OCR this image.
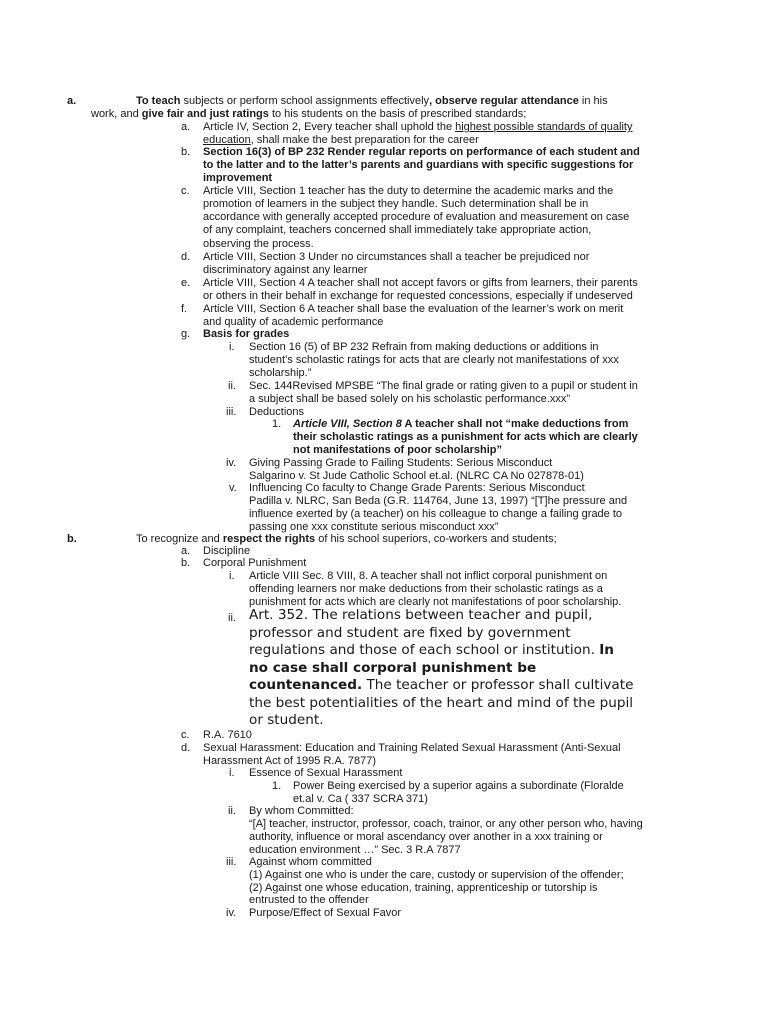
a.	To teach subjects or perform school assignments effectively, observe regular attendance in his
work, and give fair and just ratings to his students on the basis of prescribed standards;
a. Article IV, Section 2, Every teacher shall uphold the highest possible standards of quality
education, shall make the best preparation for the career
b. Section 16(3) of BP 232 Render regular reports on performance of each student and
to the latter and to the latter’s parents and guardians with specific suggestions for
improvement
c. Article VIII, Section 1 teacher has the duty to determine the academic marks and the
promotion of learners in the subject they handle. Such determination shall be in
accordance with generally accepted procedure of evaluation and measurement on case
of any complaint, teachers concerned shall immediately take appropriate action,
observing the process.
d. Article VIII, Section 3 Under no circumstances shall a teacher be prejudiced nor
discriminatory against any learner
e. Article VIII, Section 4 A teacher shall not accept favors or gifts from learners, their parents
or others in their behalf in exchange for requested concessions, especially if undeserved
f. Article VIII, Section 6 A teacher shall base the evaluation of the learner’s work on merit
and quality of academic performance
g. Basis for grades
i. Section 16 (5) of BP 232 Refrain from making deductions or additions in
student’s scholastic ratings for acts that are clearly not manifestations of xxx
scholarship.”
ii. Sec. 144Revised MPSBE “The final grade or rating given to a pupil or student in
a subject shall be based solely on his scholastic performance.xxx”
iii. Deductions
1. Article VIII, Section 8 A teacher shall not “make deductions from
their scholastic ratings as a punishment for acts which are clearly
not manifestations of poor scholarship”
iv. Giving Passing Grade to Failing Students: Serious Misconduct
Salgarino v. St Jude Catholic School et.al. (NLRC CA No 027878-01)
v. Influencing Co faculty to Change Grade Parents: Serious Misconduct
Padilla v. NLRC, San Beda (G.R. 114764, June 13, 1997) “[T]he pressure and
influence exerted by (a teacher) on his colleague to change a failing grade to
passing one xxx constitute serious misconduct xxx”
b.	To recognize and respect the rights of his school superiors, co-workers and students;
a. Discipline
b. Corporal Punishment
i. Article VIII Sec. 8 VIII, 8. A teacher shall not inflict corporal punishment on
offending learners nor make deductions from their scholastic ratings as a
punishment for acts which are clearly not manifestations of poor scholarship.
ii. Art. 352. The relations between teacher and pupil,
professor and student are fixed by government
regulations and those of each school or institution. In
no case shall corporal punishment be
countenanced. The teacher or professor shall cultivate
the best potentialities of the heart and mind of the pupil
or student.
c. R.A. 7610
d. Sexual Harassment: Education and Training Related Sexual Harassment (Anti-Sexual
Harassment Act of 1995 R.A. 7877)
i. Essence of Sexual Harassment
1. Power Being exercised by a superior agains a subordinate (Floralde
et.al v. Ca ( 337 SCRA 371)
ii. By whom Committed:
“[A] teacher, instructor, professor, coach, trainor, or any other person who, having
authority, influence or moral ascendancy over another in a xxx training or
education environment …” Sec. 3 R.A 7877
iii. Against whom committed
(1) Against one who is under the care, custody or supervision of the offender;
(2) Against one whose education, training, apprenticeship or tutorship is
entrusted to the offender
iv. Purpose/Effect of Sexual Favor
